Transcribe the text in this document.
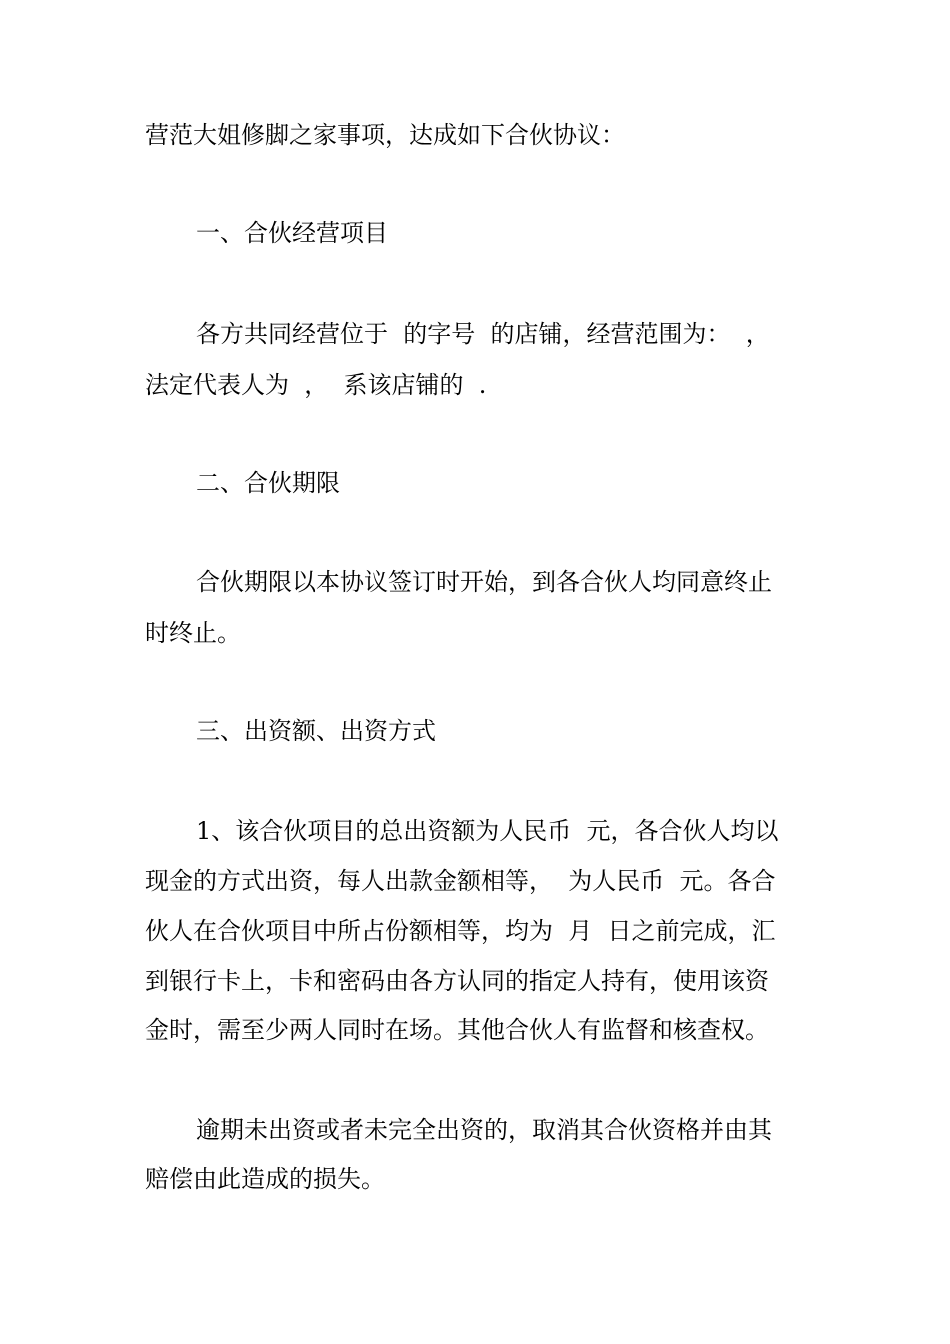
营范大姐修脚之家事项，达成如下合伙协议：

一、合伙经营项目

各方共同经营位于  的字号  的店铺，经营范围为：  ，

法定代表人为  ，  系该店铺的  .

二、合伙期限

合伙期限以本协议签订时开始，到各合伙人均同意终止

时终止。

三、出资额、出资方式

1、该合伙项目的总出资额为人民币  元，各合伙人均以

现金的方式出资，每人出款金额相等，  为人民币  元。各合

伙人在合伙项目中所占份额相等，均为  月  日之前完成，汇

到银行卡上，卡和密码由各方认同的指定人持有，使用该资

金时，需至少两人同时在场。其他合伙人有监督和核查权。

逾期未出资或者未完全出资的，取消其合伙资格并由其

赔偿由此造成的损失。
